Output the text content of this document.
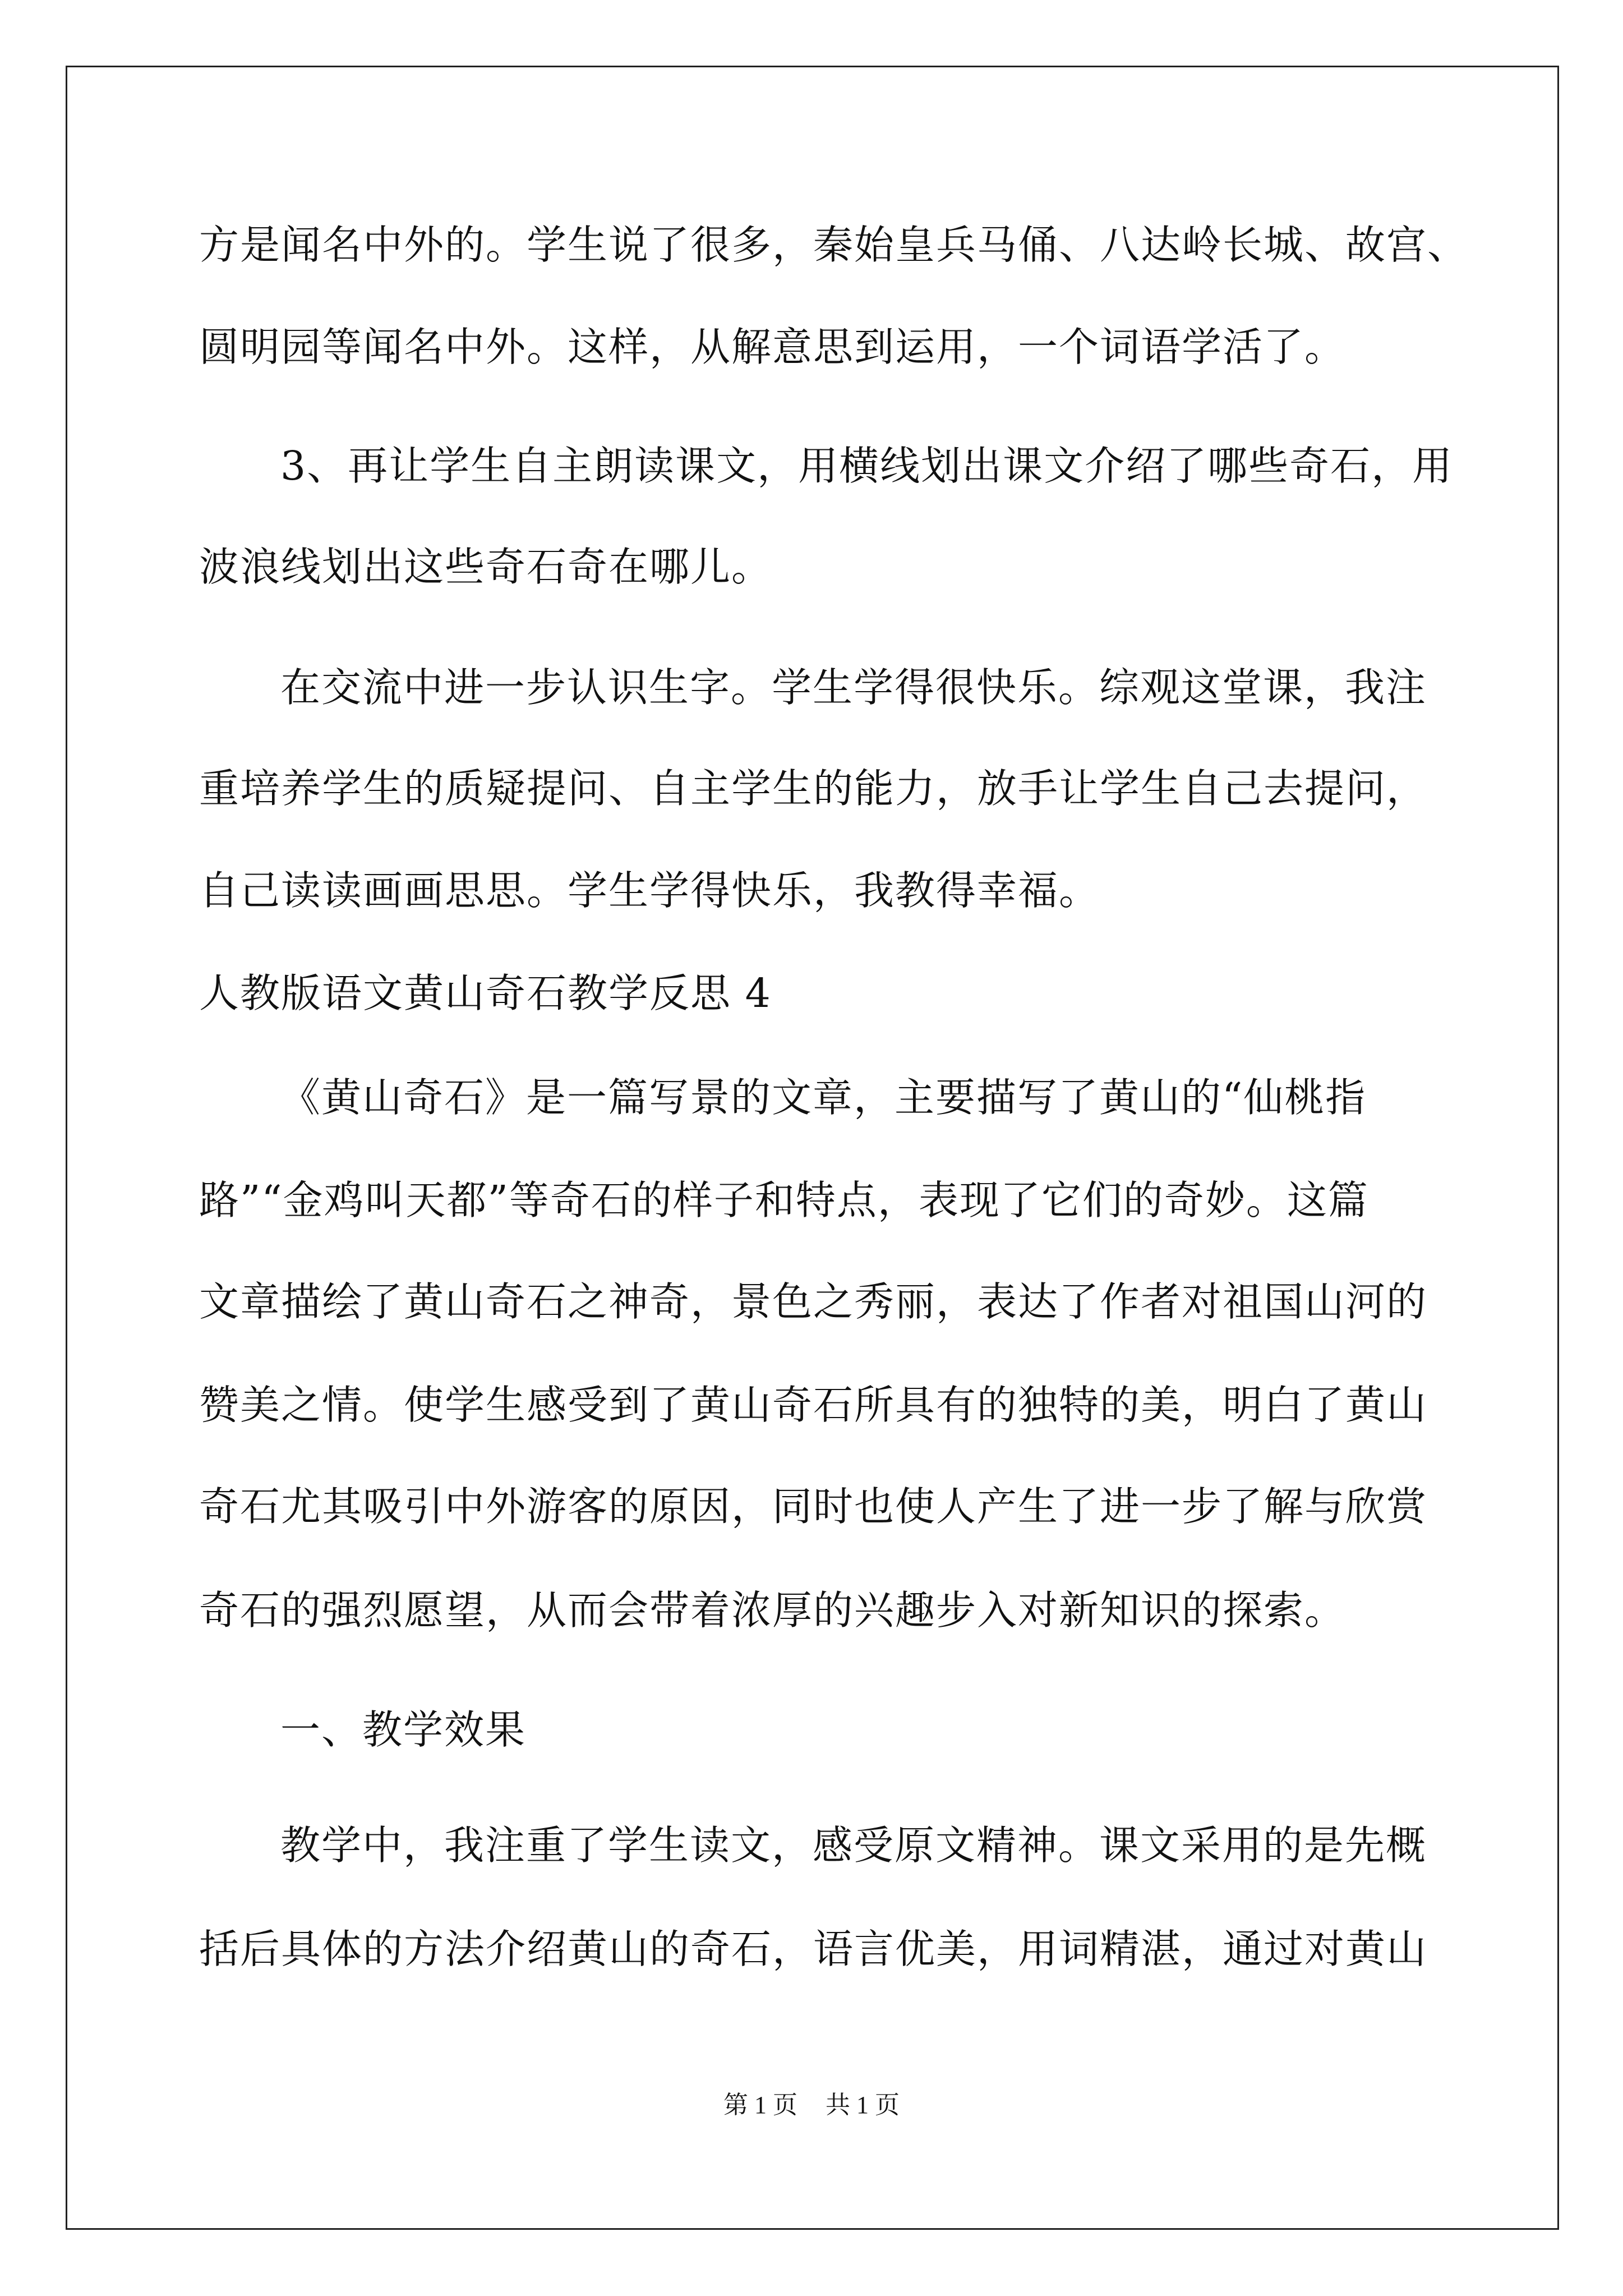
方是闻名中外的。学生说了很多，秦始皇兵马俑、八达岭长城、故宫、
圆明园等闻名中外。这样，从解意思到运用，一个词语学活了。
3、再让学生自主朗读课文，用横线划出课文介绍了哪些奇石，用
波浪线划出这些奇石奇在哪儿。
在交流中进一步认识生字。学生学得很快乐。综观这堂课，我注
重培养学生的质疑提问、自主学生的能力，放手让学生自己去提问，
自己读读画画思思。学生学得快乐，我教得幸福。
人教版语文黄山奇石教学反思 4
《黄山奇石》是一篇写景的文章，主要描写了黄山的“仙桃指
路”“金鸡叫天都”等奇石的样子和特点，表现了它们的奇妙。这篇
文章描绘了黄山奇石之神奇，景色之秀丽，表达了作者对祖国山河的
赞美之情。使学生感受到了黄山奇石所具有的独特的美，明白了黄山
奇石尤其吸引中外游客的原因，同时也使人产生了进一步了解与欣赏
奇石的强烈愿望，从而会带着浓厚的兴趣步入对新知识的探索。
一、教学效果
教学中，我注重了学生读文，感受原文精神。课文采用的是先概
括后具体的方法介绍黄山的奇石，语言优美，用词精湛，通过对黄山
第 1 页 共 1 页
